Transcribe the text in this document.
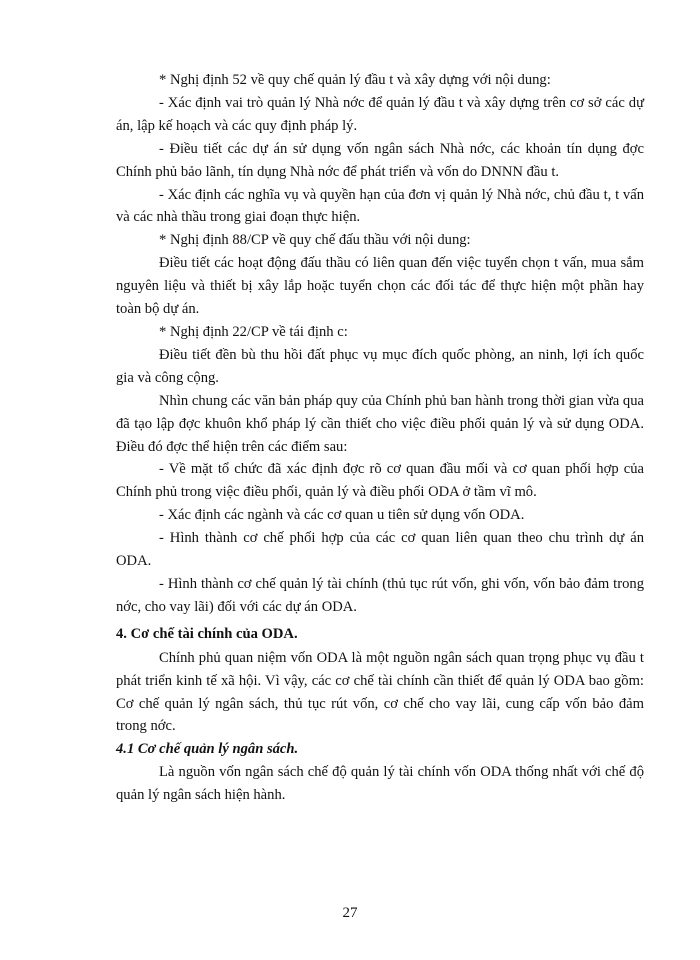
* Nghị định 52 về quy chế quản lý đầu t và xây dựng với nội dung:

- Xác định vai trò quản lý Nhà nớc để quản lý đầu t và xây dựng trên cơ sở các dự án, lập kế hoạch và các quy định pháp lý.

- Điều tiết các dự án sử dụng vốn ngân sách Nhà nớc, các khoản tín dụng đợc Chính phủ bảo lãnh, tín dụng Nhà nớc để phát triển và vốn do DNNN đầu t.

- Xác định các nghĩa vụ và quyền hạn của đơn vị quản lý Nhà nớc, chủ đầu t, t vấn và các nhà thầu trong giai đoạn thực hiện.

* Nghị định 88/CP về quy chế đấu thầu với nội dung:

Điều tiết các hoạt động đấu thầu có liên quan đến việc tuyển chọn t vấn, mua sắm nguyên liệu và thiết bị xây lắp hoặc tuyển chọn các đối tác để thực hiện một phần hay toàn bộ dự án.

* Nghị định 22/CP về tái định c:

Điều tiết đền bù thu hồi đất phục vụ mục đích quốc phòng, an ninh, lợi ích quốc gia và công cộng.

Nhìn chung các văn bản pháp quy của Chính phủ ban hành trong thời gian vừa qua đã tạo lập đợc khuôn khổ pháp lý cần thiết cho việc điều phối quản lý và sử dụng ODA. Điều đó đợc thể hiện trên các điểm sau:

- Về mặt tổ chức đã xác định đợc rõ cơ quan đầu mối và cơ quan phối hợp của Chính phủ trong việc điều phối, quản lý và điều phối ODA ở tầm vĩ mô.

- Xác định các ngành và các cơ quan u tiên sử dụng vốn ODA.

- Hình thành cơ chế phối hợp của các cơ quan liên quan theo chu trình dự án ODA.

- Hình thành cơ chế quản lý tài chính (thủ tục rút vốn, ghi vốn, vốn bảo đảm trong nớc, cho vay lãi) đối với các dự án ODA.

4. Cơ chế tài chính của ODA.

Chính phủ quan niệm vốn ODA là một nguồn ngân sách quan trọng phục vụ đầu t phát triển kinh tế xã hội. Vì vậy, các cơ chế tài chính cần thiết để quản lý ODA bao gồm: Cơ chế quản lý ngân sách, thủ tục rút vốn, cơ chế cho vay lãi, cung cấp vốn bảo đảm trong nớc.

4.1 Cơ chế quản lý ngân sách.

Là nguồn vốn ngân sách chế độ quản lý tài chính vốn ODA thống nhất với chế độ quản lý ngân sách hiện hành.

27
